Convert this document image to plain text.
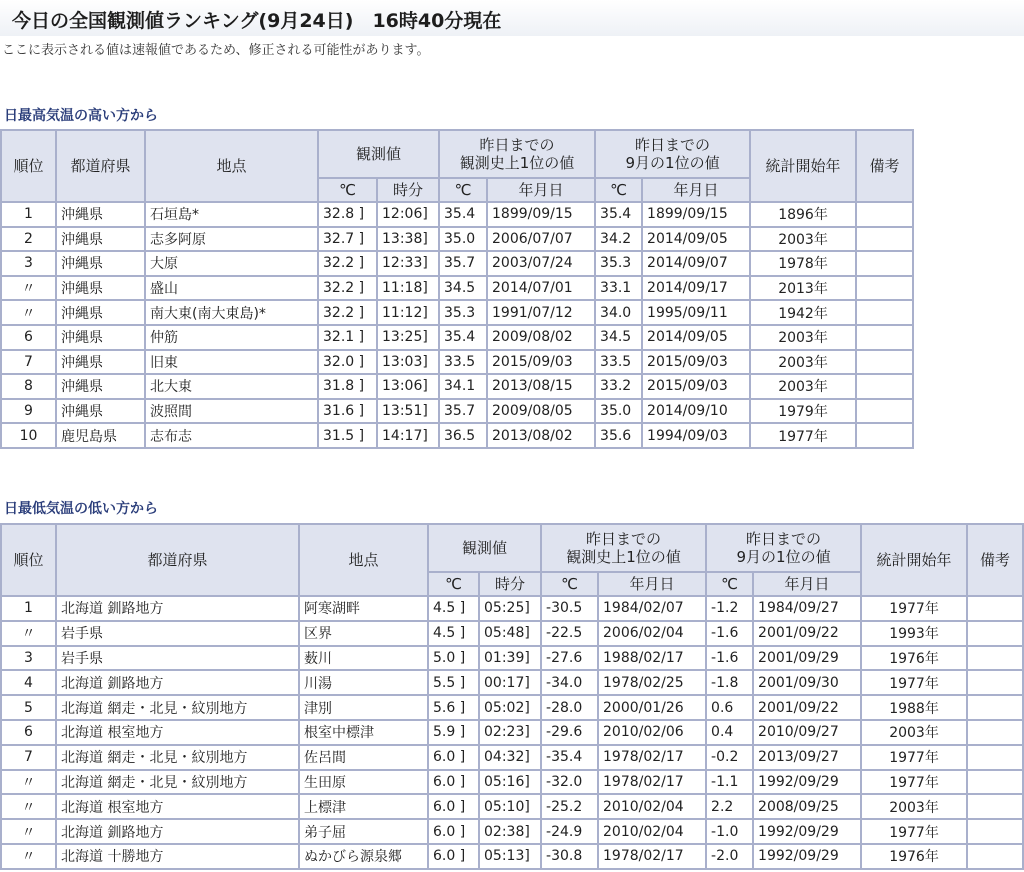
今日の全国観測値ランキング(9月24日)　16時40分現在
ここに表示される値は速報値であるため、修正される可能性があります。
日最高気温の高い方から
順位	都道府県	地点	観測値		昨日までの
観測史上1位の値		昨日までの
9月の1位の値		統計開始年	備考
			℃	時分	℃	年月日	℃	年月日		
1	沖縄県	石垣島*	32.8 ]	12:06]	35.4	1899/09/15	35.4	1899/09/15	1896年	
2	沖縄県	志多阿原	32.7 ]	13:38]	35.0	2006/07/07	34.2	2014/09/05	2003年	
3	沖縄県	大原	32.2 ]	12:33]	35.7	2003/07/24	35.3	2014/09/07	1978年	
〃	沖縄県	盛山	32.2 ]	11:18]	34.5	2014/07/01	33.1	2014/09/17	2013年	
〃	沖縄県	南大東(南大東島)*	32.2 ]	11:12]	35.3	1991/07/12	34.0	1995/09/11	1942年	
6	沖縄県	仲筋	32.1 ]	13:25]	35.4	2009/08/02	34.5	2014/09/05	2003年	
7	沖縄県	旧東	32.0 ]	13:03]	33.5	2015/09/03	33.5	2015/09/03	2003年	
8	沖縄県	北大東	31.8 ]	13:06]	34.1	2013/08/15	33.2	2015/09/03	2003年	
9	沖縄県	波照間	31.6 ]	13:51]	35.7	2009/08/05	35.0	2014/09/10	1979年	
10	鹿児島県	志布志	31.5 ]	14:17]	36.5	2013/08/02	35.6	1994/09/03	1977年	
日最低気温の低い方から
順位	都道府県	地点	観測値		昨日までの
観測史上1位の値		昨日までの
9月の1位の値		統計開始年	備考
			℃	時分	℃	年月日	℃	年月日		
1	北海道 釧路地方	阿寒湖畔	4.5 ]	05:25]	-30.5	1984/02/07	-1.2	1984/09/27	1977年	
〃	岩手県	区界	4.5 ]	05:48]	-22.5	2006/02/04	-1.6	2001/09/22	1993年	
3	岩手県	薮川	5.0 ]	01:39]	-27.6	1988/02/17	-1.6	2001/09/29	1976年	
4	北海道 釧路地方	川湯	5.5 ]	00:17]	-34.0	1978/02/25	-1.8	2001/09/30	1977年	
5	北海道 網走・北見・紋別地方	津別	5.6 ]	05:02]	-28.0	2000/01/26	0.6	2001/09/22	1988年	
6	北海道 根室地方	根室中標津	5.9 ]	02:23]	-29.6	2010/02/06	0.4	2010/09/27	2003年	
7	北海道 網走・北見・紋別地方	佐呂間	6.0 ]	04:32]	-35.4	1978/02/17	-0.2	2013/09/27	1977年	
〃	北海道 網走・北見・紋別地方	生田原	6.0 ]	05:16]	-32.0	1978/02/17	-1.1	1992/09/29	1977年	
〃	北海道 根室地方	上標津	6.0 ]	05:10]	-25.2	2010/02/04	2.2	2008/09/25	2003年	
〃	北海道 釧路地方	弟子屈	6.0 ]	02:38]	-24.9	2010/02/04	-1.0	1992/09/29	1977年	
〃	北海道 十勝地方	ぬかびら源泉郷	6.0 ]	05:13]	-30.8	1978/02/17	-2.0	1992/09/29	1976年	
